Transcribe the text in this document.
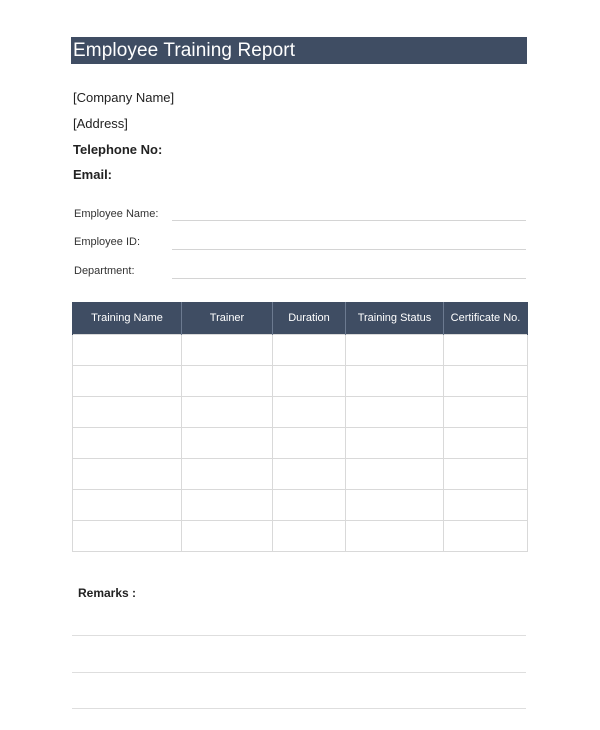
Employee Training Report
[Company Name]
[Address]
Telephone No:
Email:
Employee Name:
Employee ID:
Department:
Training Name	Trainer	Duration	Training Status	Certificate No.

Remarks :
